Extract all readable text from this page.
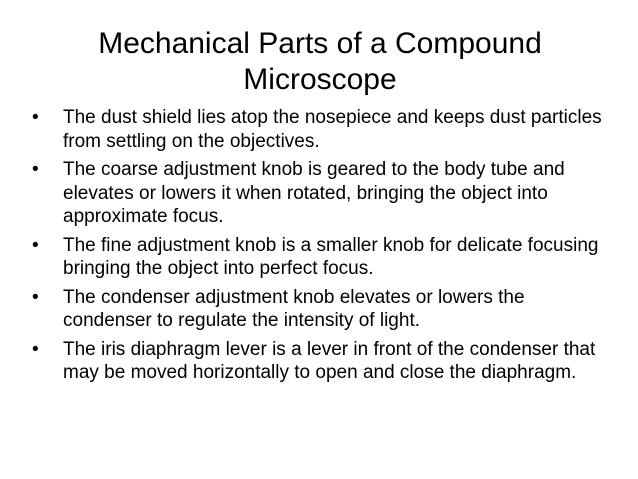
Mechanical Parts of a Compound Microscope
•	The dust shield lies atop the nosepiece and keeps dust particles from settling on the objectives.
•	The coarse adjustment knob is geared to the body tube and elevates or lowers it when rotated, bringing the object into approximate focus.
•	The fine adjustment knob is a smaller knob for delicate focusing bringing the object into perfect focus.
•	The condenser adjustment knob elevates or lowers the condenser to regulate the intensity of light.
•	The iris diaphragm lever is a lever in front of the condenser that may be moved horizontally to open and close the diaphragm.
